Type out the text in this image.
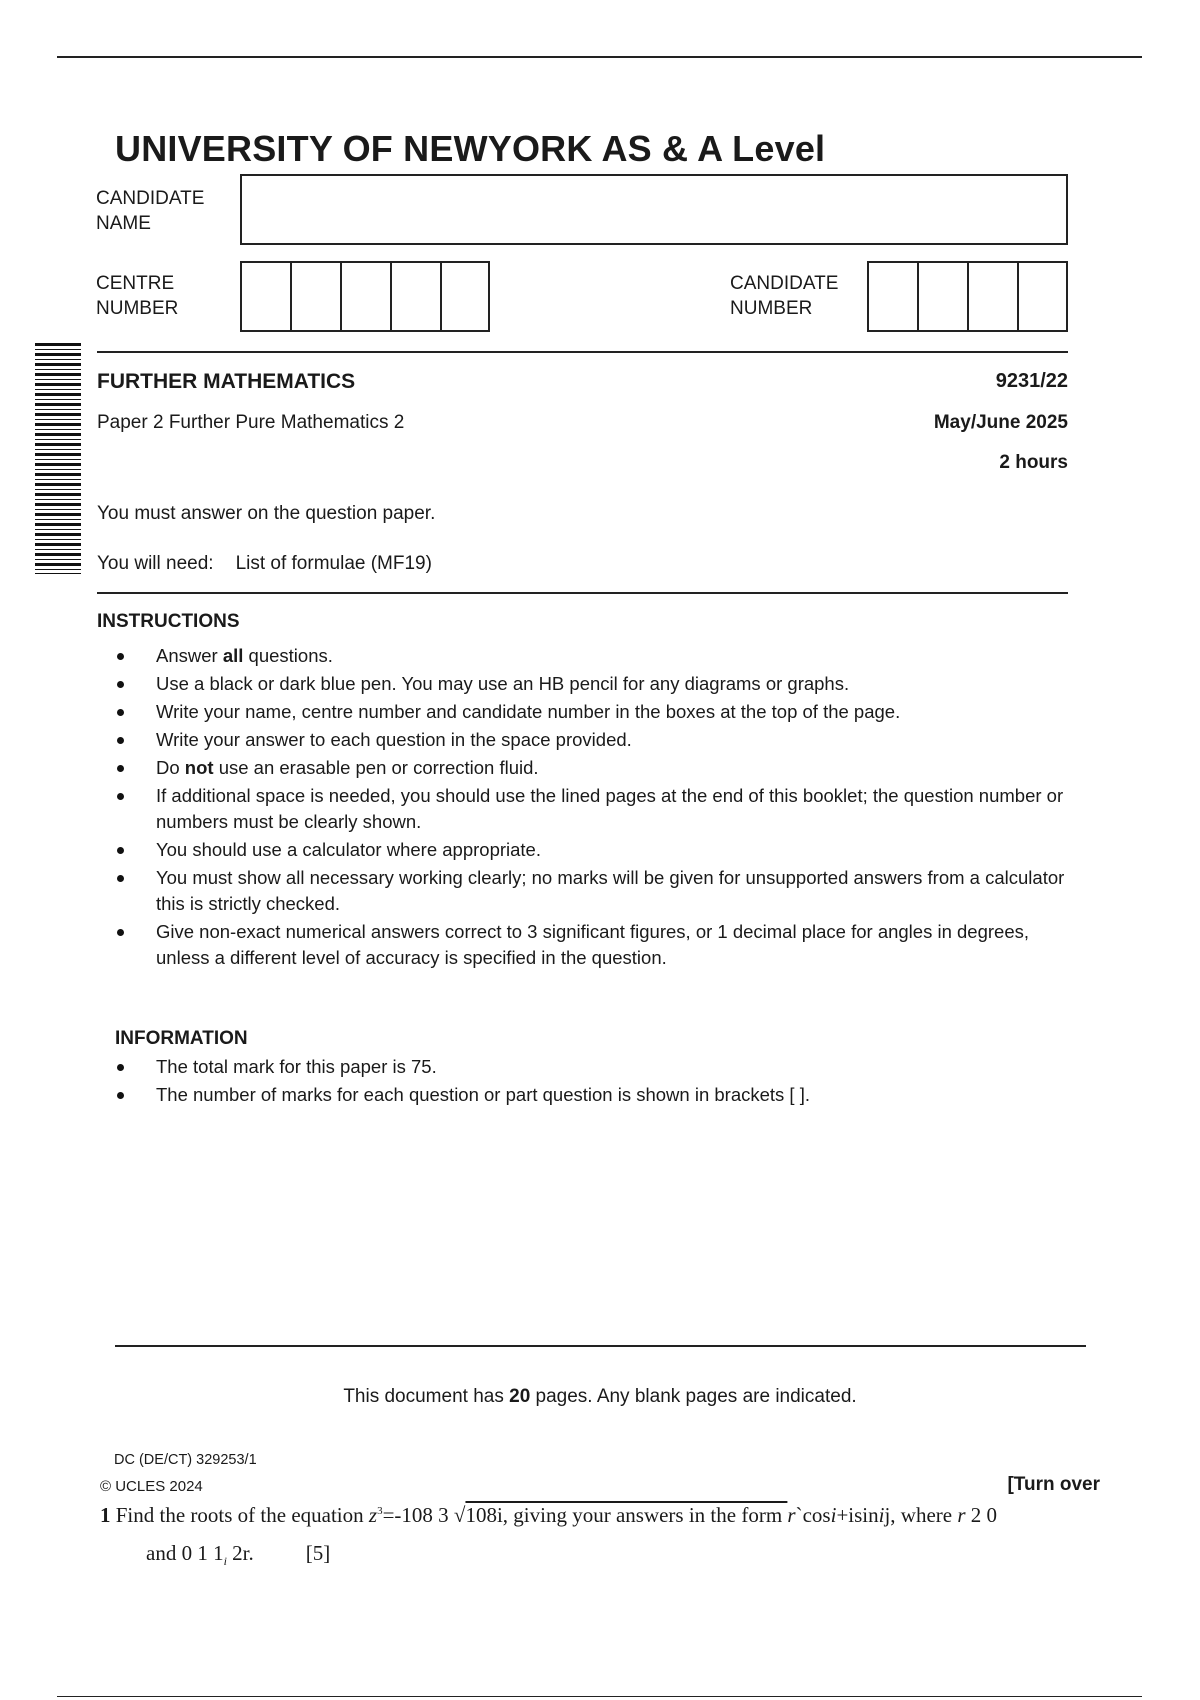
UNIVERSITY OF NEWYORK AS & A Level
CANDIDATE
NAME
CENTRE
NUMBER
CANDIDATE
NUMBER
FURTHER MATHEMATICS	9231/22
Paper 2 Further Pure Mathematics 2	May/June 2025
2 hours
You must answer on the question paper.
You will need: List of formulae (MF19)
INSTRUCTIONS
Answer all questions.
Use a black or dark blue pen. You may use an HB pencil for any diagrams or graphs.
Write your name, centre number and candidate number in the boxes at the top of the page.
Write your answer to each question in the space provided.
Do not use an erasable pen or correction fluid.
If additional space is needed, you should use the lined pages at the end of this booklet; the question number or numbers must be clearly shown.
You should use a calculator where appropriate.
You must show all necessary working clearly; no marks will be given for unsupported answers from a calculator this is strictly checked.
Give non-exact numerical answers correct to 3 significant figures, or 1 decimal place for angles in degrees, unless a different level of accuracy is specified in the question.
INFORMATION
The total mark for this paper is 75.
The number of marks for each question or part question is shown in brackets [ ].
This document has 20 pages. Any blank pages are indicated.
DC (DE/CT) 329253/1
© UCLES 2024	[Turn over
1 Find the roots of the equation $z^3=-108$ 3 √108i, giving your answers in the form r`cosi+isinij, where r 2 0
and 0 1 $1_i$ 2r. [5]
